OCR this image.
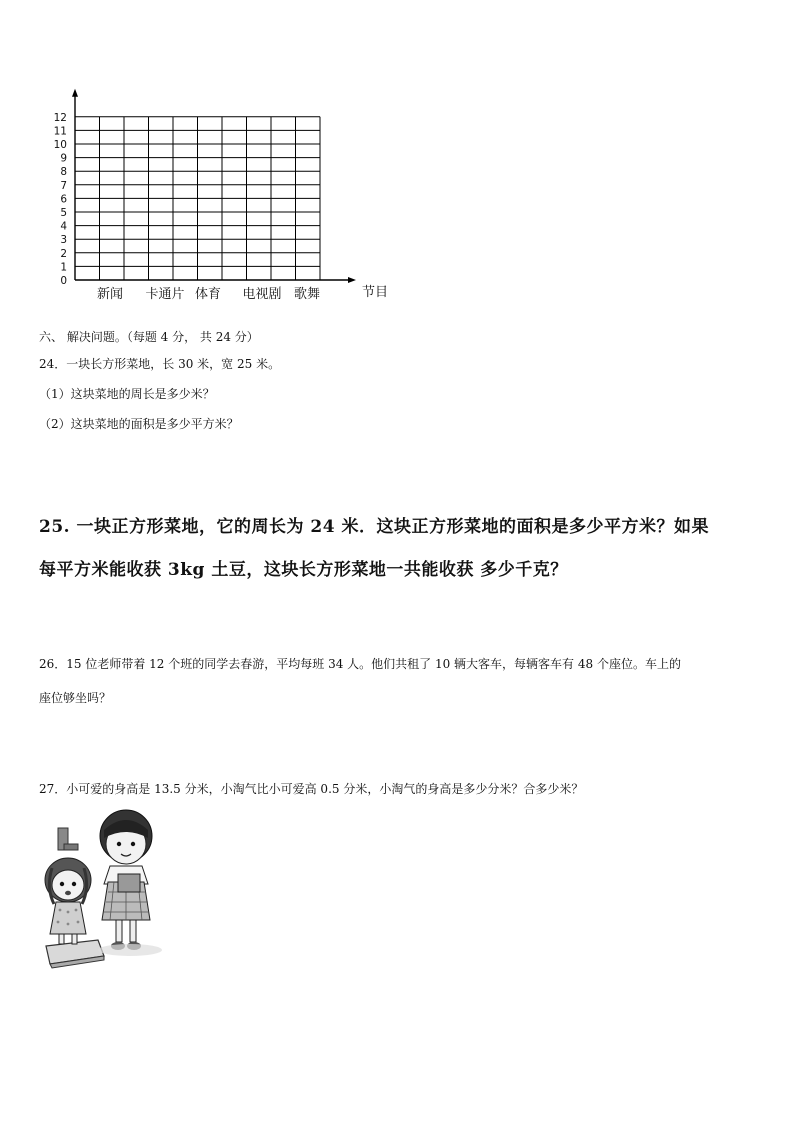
0
1
2
3
4
5
6
7
8
9
10
11
12
新闻 卡通片 体育 电视剧 歌舞	节目
六、 解决问题。（每题 4 分， 共 24 分）
24．一块长方形菜地，长 30 米，宽 25 米。
（1）这块菜地的周长是多少米？
（2）这块菜地的面积是多少平方米？
25. 一块正方形菜地，它的周长为 24 米．这块正方形菜地的面积是多少平方米？如果
每平方米能收获 3kg 土豆，这块长方形菜地一共能收获 多少千克？
26．15 位老师带着 12 个班的同学去春游，平均每班 34 人。他们共租了 10 辆大客车，每辆客车有 48 个座位。车上的
座位够坐吗？
27．小可爱的身高是 13.5 分米，小淘气比小可爱高 0.5 分米，小淘气的身高是多少分米？合多少米？
